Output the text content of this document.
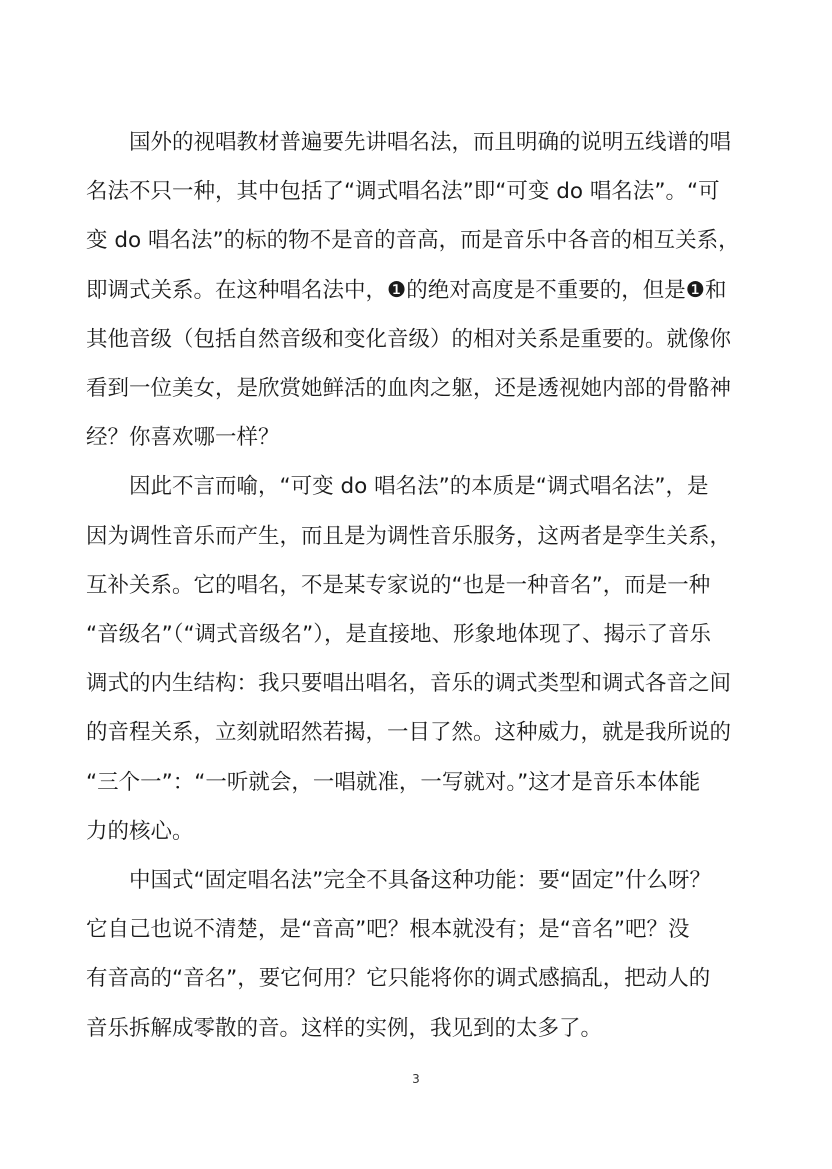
国外的视唱教材普遍要先讲唱名法，而且明确的说明五线谱的唱
名法不只一种，其中包括了“调式唱名法”即“可变 do 唱名法”。“可
变 do 唱名法”的标的物不是音的音高，而是音乐中各音的相互关系，
即调式关系。在这种唱名法中，❶的绝对高度是不重要的，但是❶和
其他音级（包括自然音级和变化音级）的相对关系是重要的。就像你
看到一位美女，是欣赏她鲜活的血肉之躯，还是透视她内部的骨骼神
经？你喜欢哪一样？

因此不言而喻，“可变 do 唱名法”的本质是“调式唱名法”，是
因为调性音乐而产生，而且是为调性音乐服务，这两者是孪生关系，
互补关系。它的唱名，不是某专家说的“也是一种音名”，而是一种
“音级名”（“调式音级名”），是直接地、形象地体现了、揭示了音乐
调式的内生结构：我只要唱出唱名，音乐的调式类型和调式各音之间
的音程关系，立刻就昭然若揭，一目了然。这种威力，就是我所说的
“三个一”：“一听就会，一唱就准，一写就对。”这才是音乐本体能
力的核心。

中国式“固定唱名法”完全不具备这种功能：要“固定”什么呀？
它自己也说不清楚，是“音高”吧？根本就没有；是“音名”吧？没
有音高的“音名”，要它何用？它只能将你的调式感搞乱，把动人的
音乐拆解成零散的音。这样的实例，我见到的太多了。

3
